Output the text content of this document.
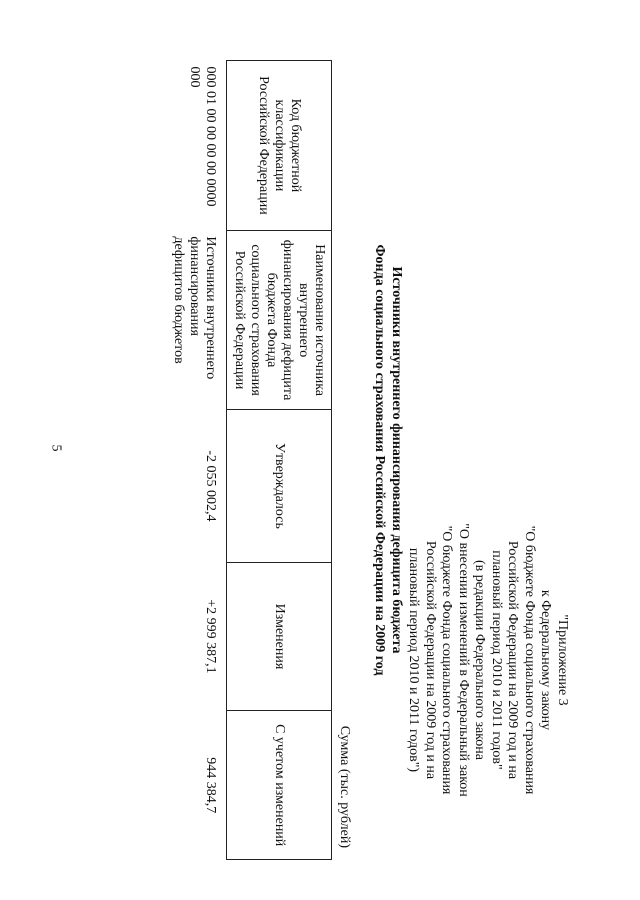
5
"Приложение 3
к Федеральному закону
"О бюджете Фонда социального страхования
Российской Федерации на 2009 год и на
плановый период 2010 и 2011 годов"
(в редакции Федерального закона
"О внесении изменений в Федеральный закон
"О бюджете Фонда социального страхования
Российской Федерации на 2009 год и на
плановый период 2010 и 2011 годов")
Источники внутреннего финансирования дефицита бюджета
Фонда социального страхования Российской Федерации на 2009 год
Сумма (тыс. рублей)
Код бюджетной классификации Российской Федерации	Наименование источника внутреннего финансирования дефицита бюджета Фонда социального страхования Российской Федерации	Утверждалось	Изменения	С учетом изменений
000 01 00 00 00 00 0000 000	Источники внутреннего финансирования дефицитов бюджетов	-2 055 002,4	+2 999 387,1	944 384,7
